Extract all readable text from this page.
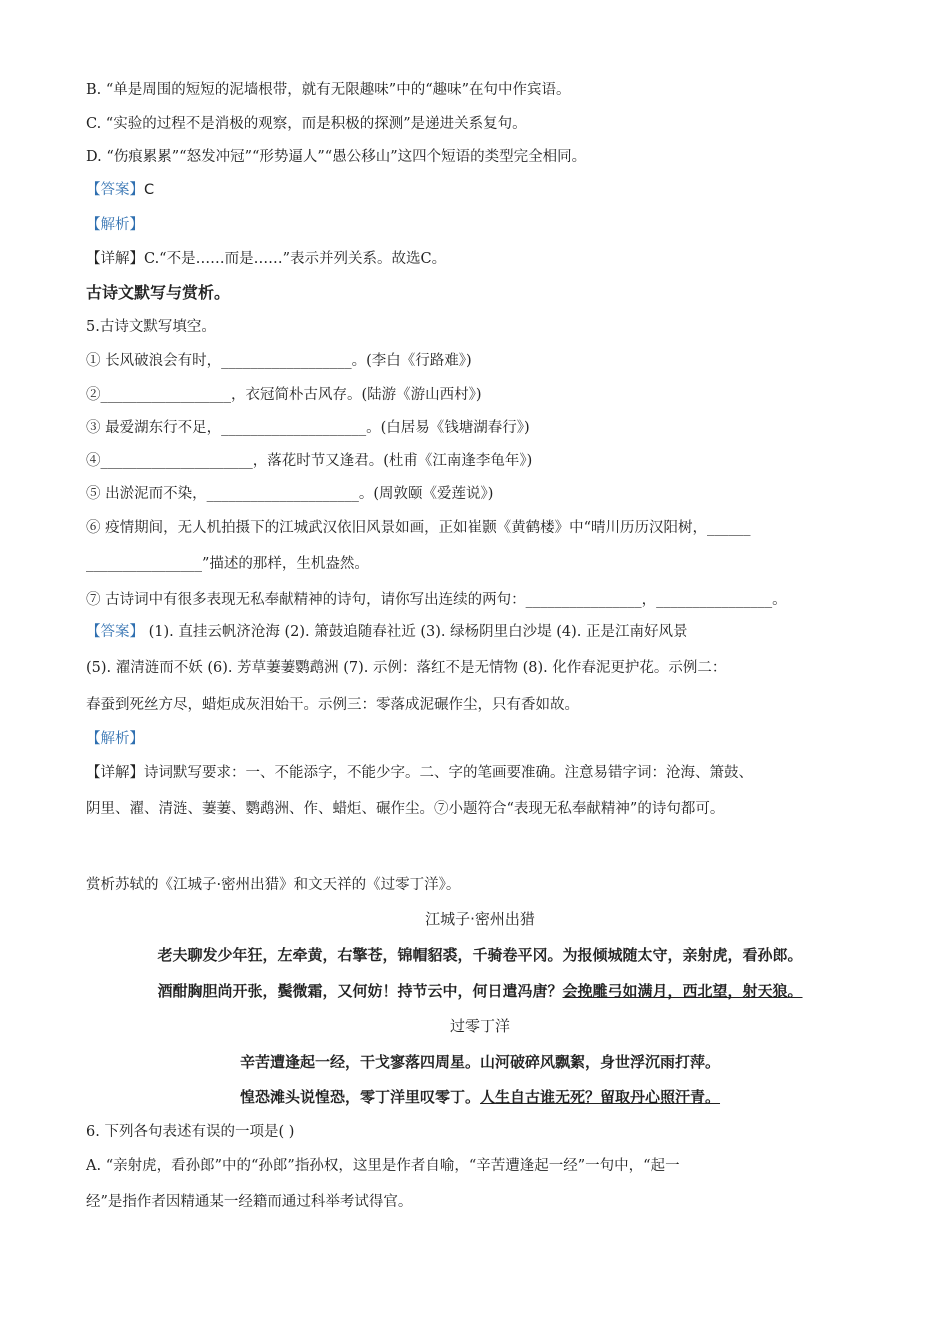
B. “单是周围的短短的泥墙根带，就有无限趣味”中的“趣味”在句中作宾语。
C. “实验的过程不是消极的观察，而是积极的探测”是递进关系复句。
D. “伤痕累累”“怒发冲冠”“形势逼人”“愚公移山”这四个短语的类型完全相同。
【答案】C
【解析】
【详解】C.“不是……而是……”表示并列关系。故选C。
古诗文默写与赏析。
5.古诗文默写填空。
① 长风破浪会有时，__________________。(李白《行路难》)
②__________________，衣冠简朴古风存。(陆游《游山西村》)
③ 最爱湖东行不足，____________________。(白居易《钱塘湖春行》)
④_____________________，落花时节又逢君。(杜甫《江南逢李龟年》)
⑤ 出淤泥而不染，_____________________。(周敦颐《爱莲说》)
⑥ 疫情期间，无人机拍摄下的江城武汉依旧风景如画，正如崔颢《黄鹤楼》中“晴川历历汉阳树，______
________________”描述的那样，生机盎然。
⑦ 古诗词中有很多表现无私奉献精神的诗句，请你写出连续的两句：________________，________________。
【答案】 (1). 直挂云帆济沧海 (2). 箫鼓追随春社近 (3). 绿杨阴里白沙堤 (4). 正是江南好风景
(5). 濯清涟而不妖 (6). 芳草萋萋鹦鹉洲 (7). 示例：落红不是无情物 (8). 化作春泥更护花。示例二：
春蚕到死丝方尽，蜡炬成灰泪始干。示例三：零落成泥碾作尘，只有香如故。
【解析】
【详解】诗词默写要求：一、不能添字，不能少字。二、字的笔画要准确。注意易错字词：沧海、箫鼓、
阴里、濯、清涟、萋萋、鹦鹉洲、作、蜡炬、碾作尘。⑦小题符合“表现无私奉献精神”的诗句都可。
赏析苏轼的《江城子·密州出猎》和文天祥的《过零丁洋》。
江城子·密州出猎
老夫聊发少年狂，左牵黄，右擎苍，锦帽貂裘，千骑卷平冈。为报倾城随太守，亲射虎，看孙郎。
酒酣胸胆尚开张，鬓微霜，又何妨！持节云中，何日遣冯唐？会挽雕弓如满月，西北望，射天狼。
过零丁洋
辛苦遭逢起一经，干戈寥落四周星。山河破碎风飘絮，身世浮沉雨打萍。
惶恐滩头说惶恐，零丁洋里叹零丁。人生自古谁无死？留取丹心照汗青。
6. 下列各句表述有误的一项是( )
A. “亲射虎，看孙郎”中的“孙郎”指孙权，这里是作者自喻，“辛苦遭逢起一经”一句中，“起一
经”是指作者因精通某一经籍而通过科举考试得官。
